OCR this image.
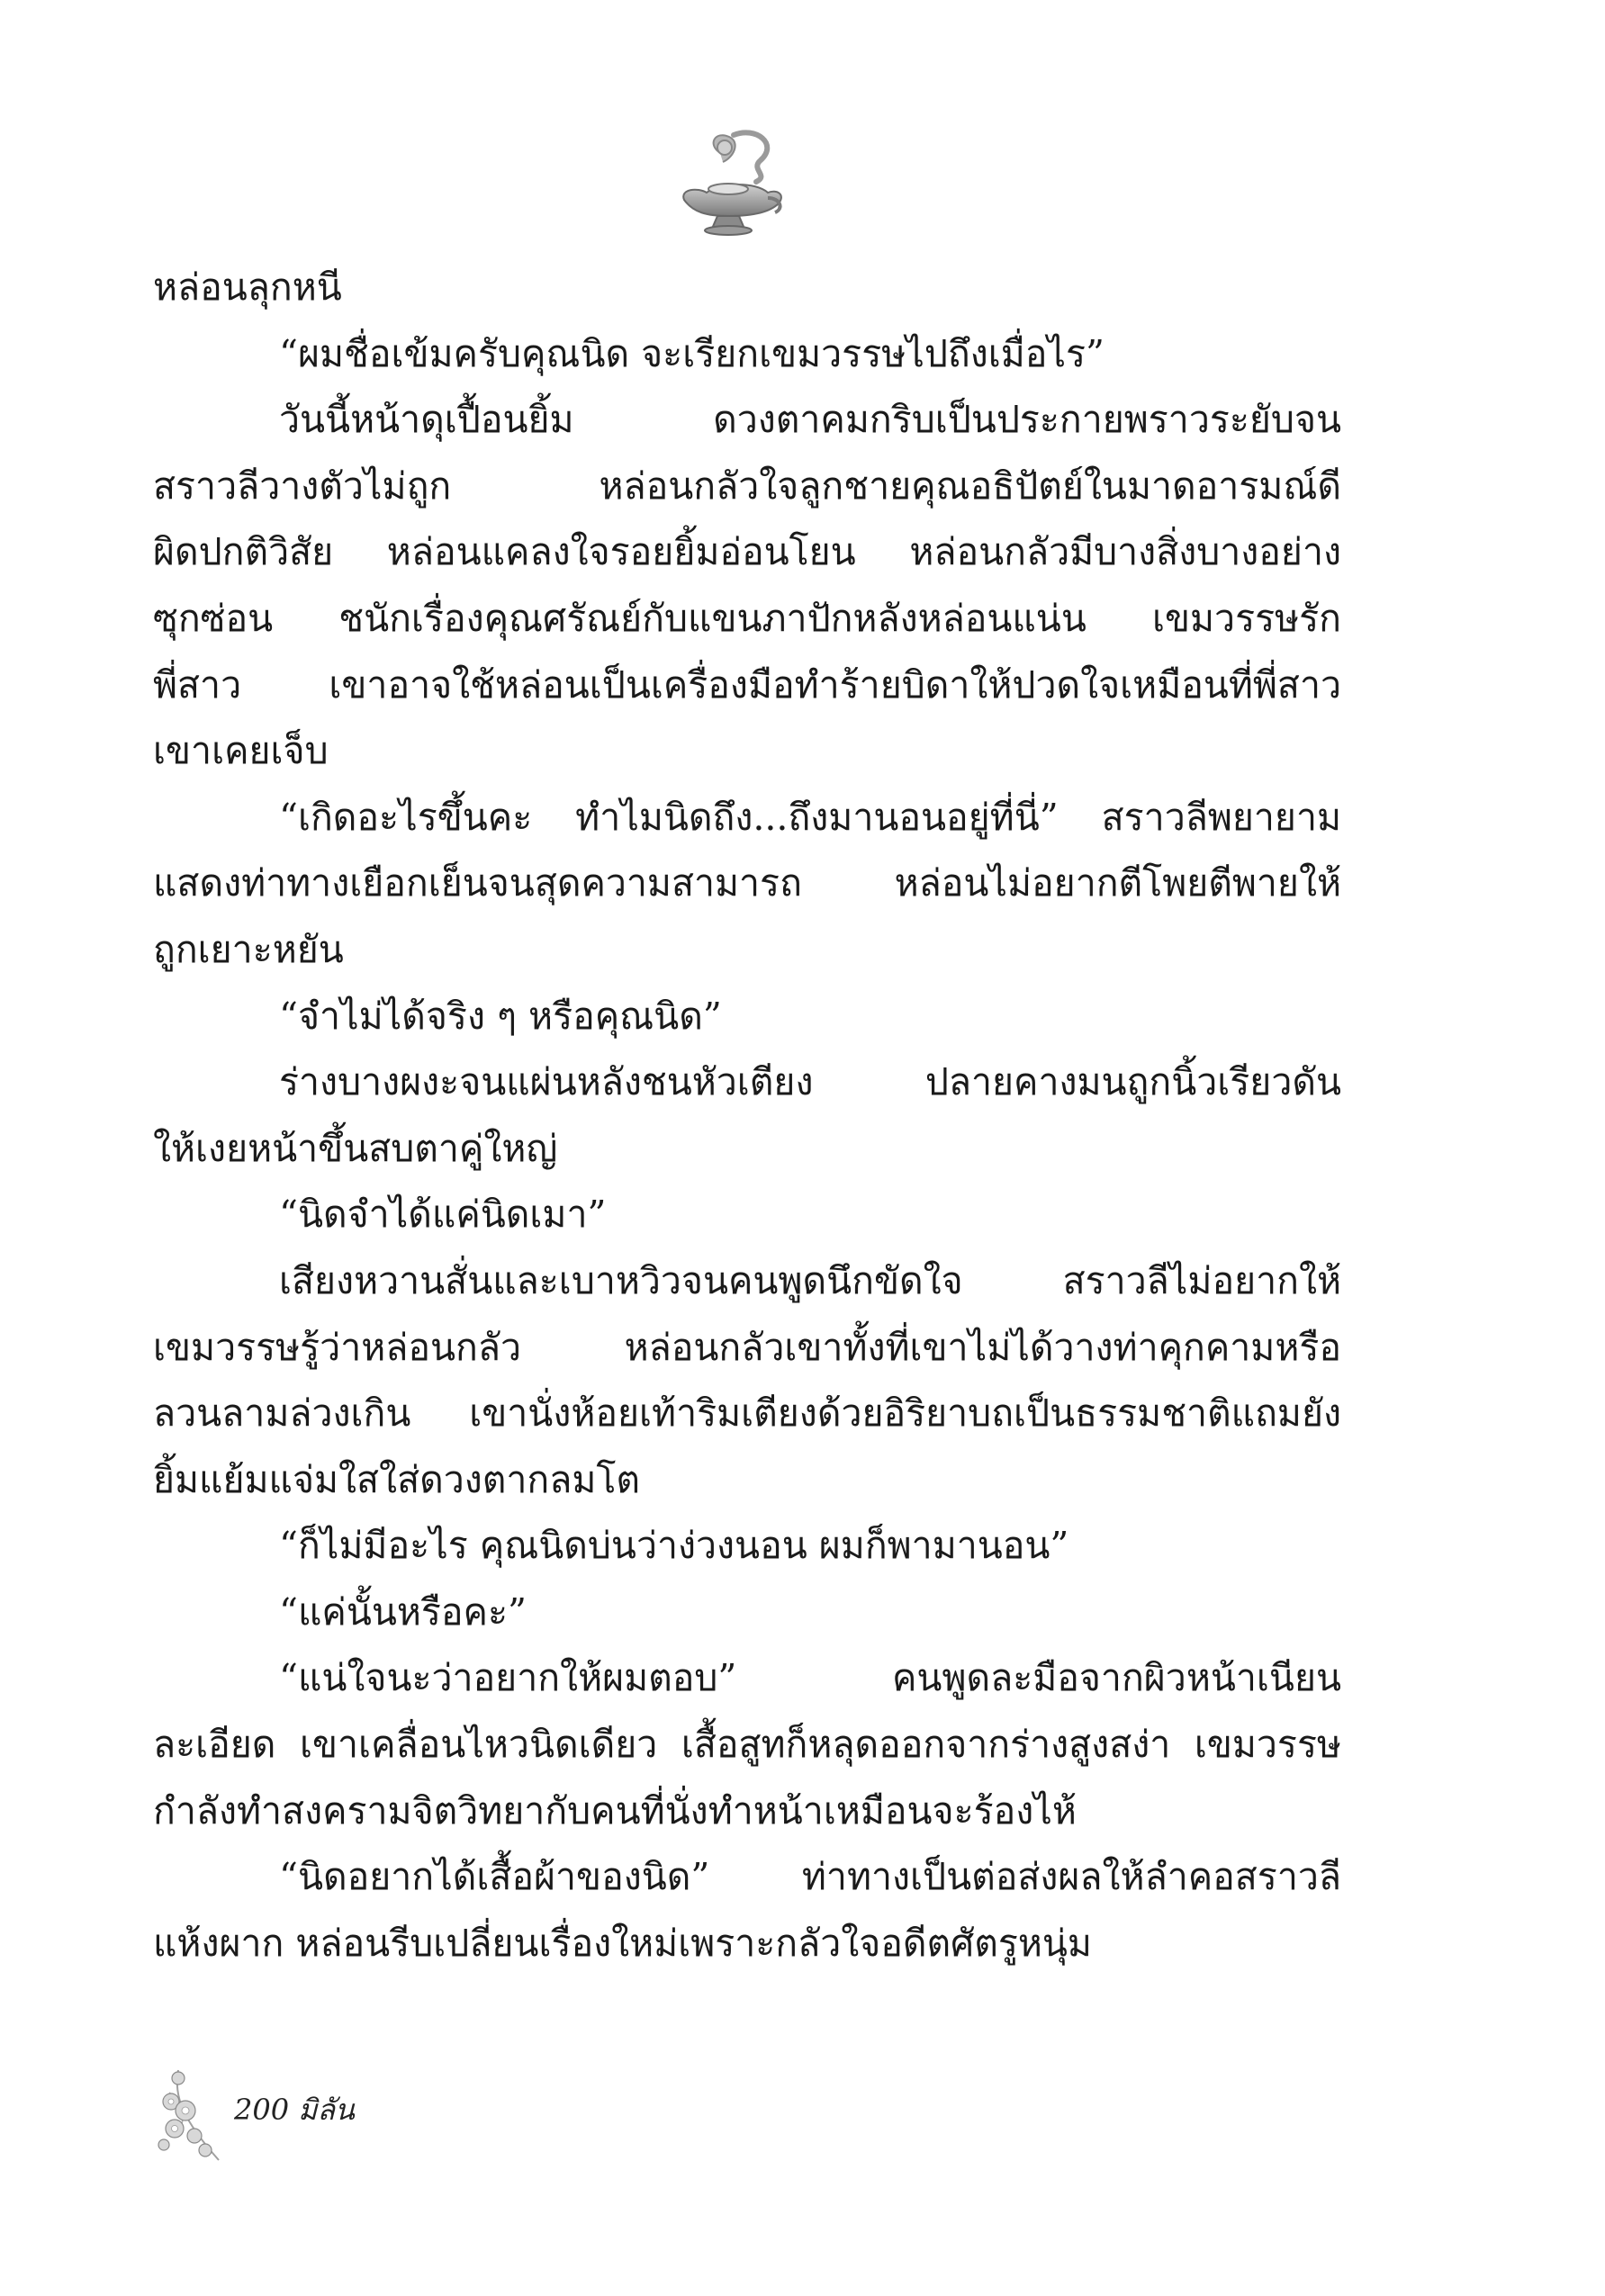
หล่อนลุกหนี
“ผมชื่อเข้มครับคุณนิด จะเรียกเขมวรรษไปถึงเมื่อไร”
วันนี้หน้าดุเปื้อนยิ้ม ดวงตาคมกริบเป็นประกายพราวระยับจน
สราวลีวางตัวไม่ถูก หล่อนกลัวใจลูกชายคุณอธิปัตย์ในมาดอารมณ์ดี
ผิดปกติวิสัย หล่อนแคลงใจรอยยิ้มอ่อนโยน หล่อนกลัวมีบางสิ่งบางอย่าง
ซุกซ่อน ชนักเรื่องคุณศรัณย์กับแขนภาปักหลังหล่อนแน่น เขมวรรษรัก
พี่สาว เขาอาจใช้หล่อนเป็นเครื่องมือทำร้ายบิดาให้ปวดใจเหมือนที่พี่สาว
เขาเคยเจ็บ
“เกิดอะไรขึ้นคะ ทำไมนิดถึง...ถึงมานอนอยู่ที่นี่” สราวลีพยายาม
แสดงท่าทางเยือกเย็นจนสุดความสามารถ หล่อนไม่อยากตีโพยตีพายให้
ถูกเยาะหยัน
“จำไม่ได้จริง ๆ หรือคุณนิด”
ร่างบางผงะจนแผ่นหลังชนหัวเตียง ปลายคางมนถูกนิ้วเรียวดัน
ให้เงยหน้าขึ้นสบตาคู่ใหญ่
“นิดจำได้แค่นิดเมา”
เสียงหวานสั่นและเบาหวิวจนคนพูดนึกขัดใจ สราวลีไม่อยากให้
เขมวรรษรู้ว่าหล่อนกลัว หล่อนกลัวเขาทั้งที่เขาไม่ได้วางท่าคุกคามหรือ
ลวนลามล่วงเกิน เขานั่งห้อยเท้าริมเตียงด้วยอิริยาบถเป็นธรรมชาติแถมยัง
ยิ้มแย้มแจ่มใสใส่ดวงตากลมโต
“ก็ไม่มีอะไร คุณนิดบ่นว่าง่วงนอน ผมก็พามานอน”
“แค่นั้นหรือคะ”
“แน่ใจนะว่าอยากให้ผมตอบ” คนพูดละมือจากผิวหน้าเนียน
ละเอียด เขาเคลื่อนไหวนิดเดียว เสื้อสูทก็หลุดออกจากร่างสูงสง่า เขมวรรษ
กำลังทำสงครามจิตวิทยากับคนที่นั่งทำหน้าเหมือนจะร้องไห้
“นิดอยากได้เสื้อผ้าของนิด” ท่าทางเป็นต่อส่งผลให้ลำคอสราวลี
แห้งผาก หล่อนรีบเปลี่ยนเรื่องใหม่เพราะกลัวใจอดีตศัตรูหนุ่ม
200 มิลัน
